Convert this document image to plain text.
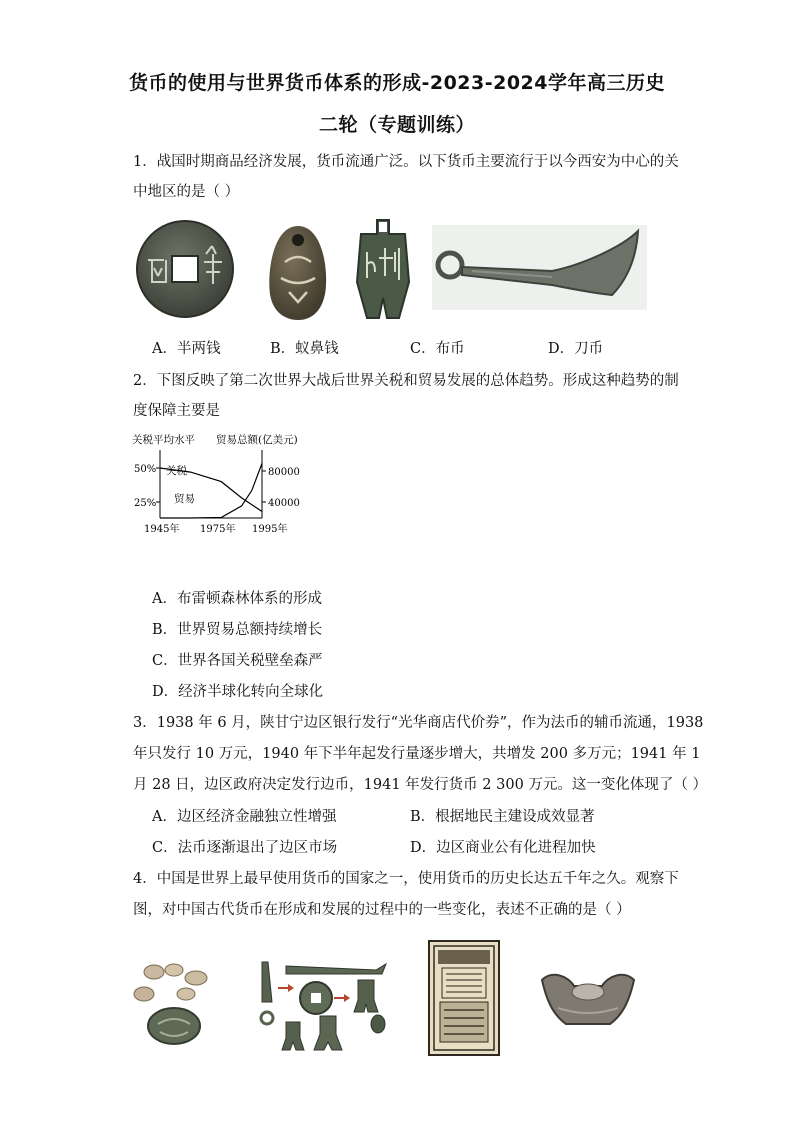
货币的使用与世界货币体系的形成-2023-2024学年高三历史
二轮（专题训练）
1．战国时期商品经济发展，货币流通广泛。以下货币主要流行于以今西安为中心的关
中地区的是（ ）
A．半两钱	B．蚁鼻钱	C．布币	D．刀币
2．下图反映了第二次世界大战后世界关税和贸易发展的总体趋势。形成这种趋势的制
度保障主要是
关税平均水平 贸易总额(亿美元)
50%
25%
80000
40000
1945年 1975年 1995年
关税
贸易
A．布雷顿森林体系的形成
B．世界贸易总额持续增长
C．世界各国关税壁垒森严
D．经济半球化转向全球化
3．1938 年 6 月，陕甘宁边区银行发行“光华商店代价券”，作为法币的辅币流通，1938
年只发行 10 万元，1940 年下半年起发行量逐步增大，共增发 200 多万元；1941 年 1
月 28 日，边区政府决定发行边币，1941 年发行货币 2 300 万元。这一变化体现了（ ）
A．边区经济金融独立性增强	B．根据地民主建设成效显著
C．法币逐渐退出了边区市场	D．边区商业公有化进程加快
4．中国是世界上最早使用货币的国家之一，使用货币的历史长达五千年之久。观察下
图，对中国古代货币在形成和发展的过程中的一些变化，表述不正确的是（ ）
